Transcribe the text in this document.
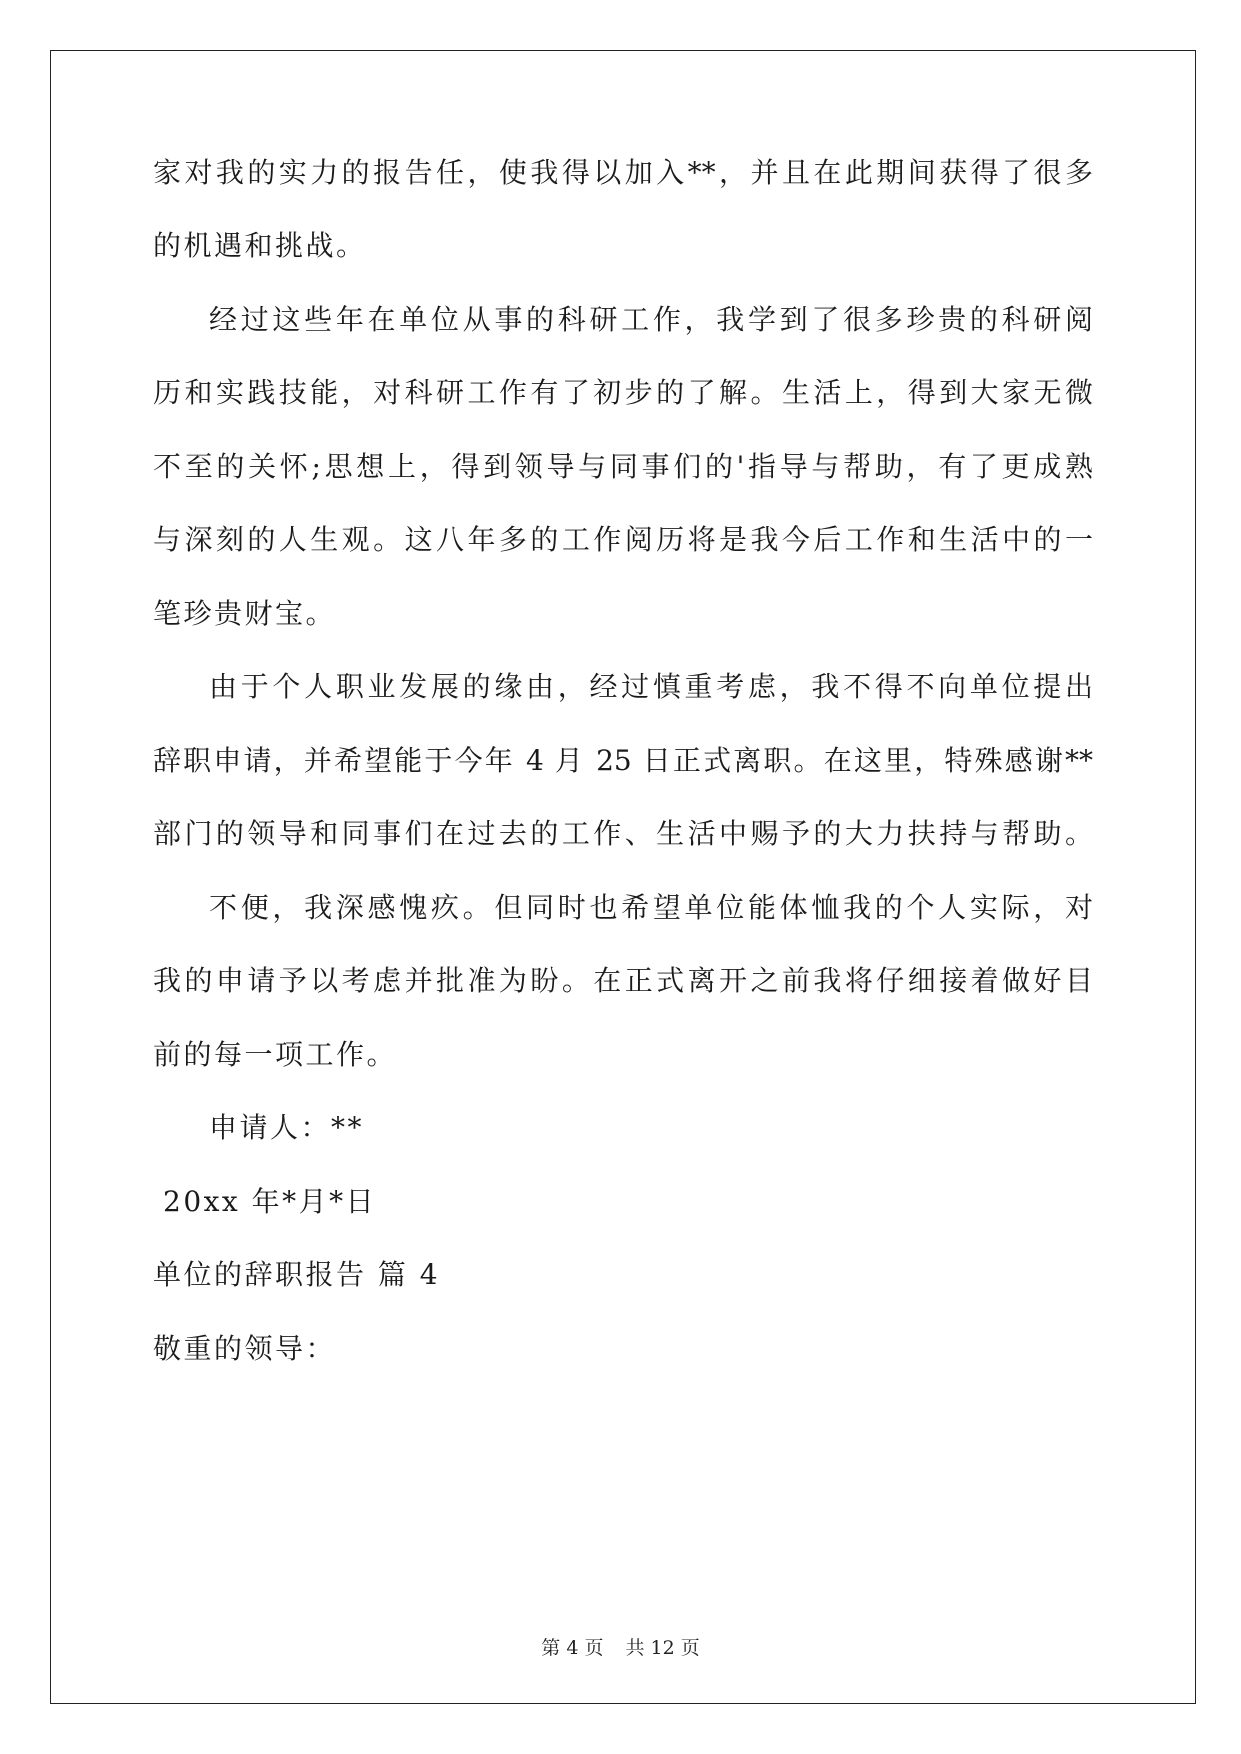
家对我的实力的报告任，使我得以加入**，并且在此期间获得了很多
的机遇和挑战。
经过这些年在单位从事的科研工作，我学到了很多珍贵的科研阅
历和实践技能，对科研工作有了初步的了解。生活上，得到大家无微
不至的关怀;思想上，得到领导与同事们的'指导与帮助，有了更成熟
与深刻的人生观。这八年多的工作阅历将是我今后工作和生活中的一
笔珍贵财宝。
由于个人职业发展的缘由，经过慎重考虑，我不得不向单位提出
辞职申请，并希望能于今年 4 月 25 日正式离职。在这里，特殊感谢**
部门的领导和同事们在过去的工作、生活中赐予的大力扶持与帮助。
不便，我深感愧疚。但同时也希望单位能体恤我的个人实际，对
我的申请予以考虑并批准为盼。在正式离开之前我将仔细接着做好目
前的每一项工作。
申请人：**
20xx 年*月*日
单位的辞职报告 篇 4
敬重的领导：
第 4 页 共 12 页
